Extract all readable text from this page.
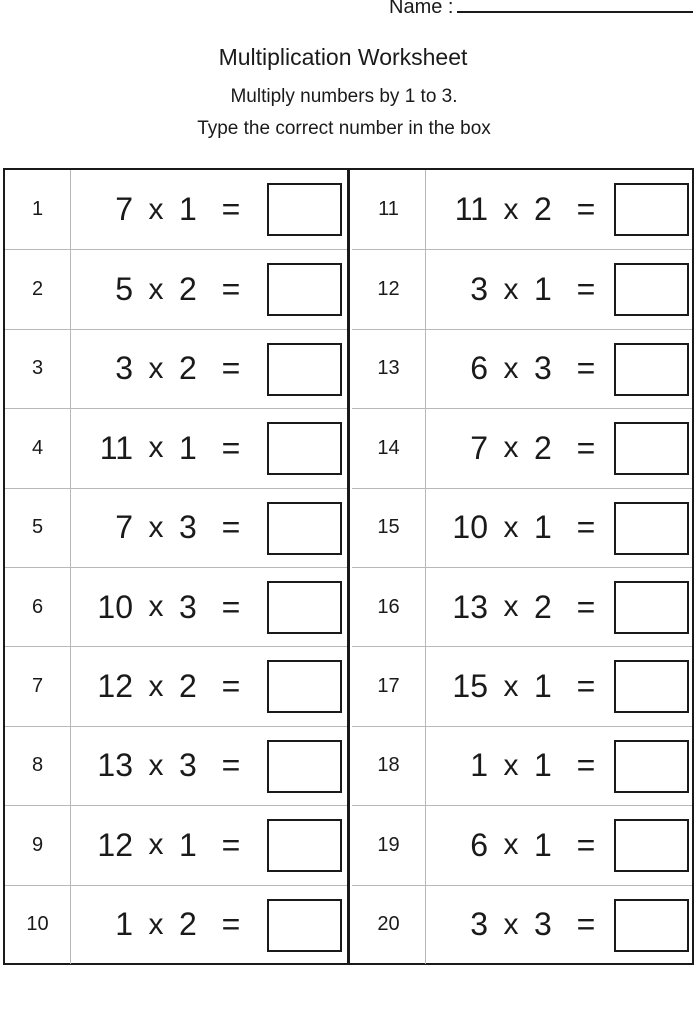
Name :
Multiplication Worksheet
Multiply numbers by 1 to 3.
Type the correct number in the box
1	7 x 1 =
2	5 x 2 =
3	3 x 2 =
4	11 x 1 =
5	7 x 3 =
6	10 x 3 =
7	12 x 2 =
8	13 x 3 =
9	12 x 1 =
10	1 x 2 =
11	11 x 2 =
12	3 x 1 =
13	6 x 3 =
14	7 x 2 =
15	10 x 1 =
16	13 x 2 =
17	15 x 1 =
18	1 x 1 =
19	6 x 1 =
20	3 x 3 =
